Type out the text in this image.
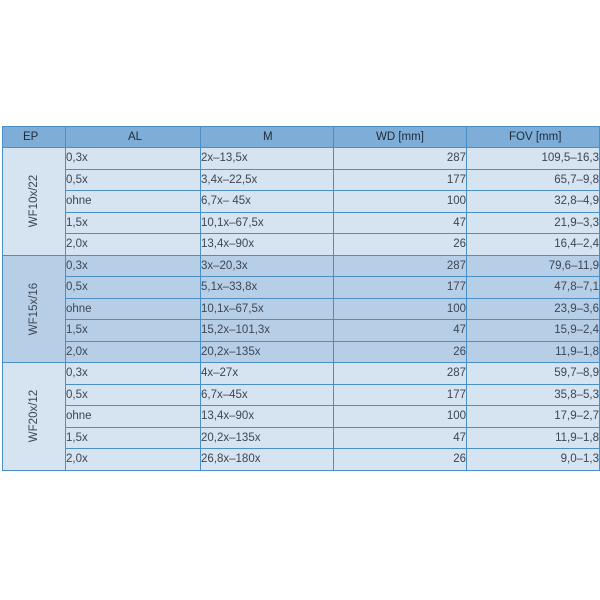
EP	AL	M	WD [mm]	FOV [mm]
WF10x/22	0,3x	2x–13,5x	287	109,5–16,3
	0,5x	3,4x–22,5x	177	65,7–9,8
	ohne	6,7x– 45x	100	32,8–4,9
	1,5x	10,1x–67,5x	47	21,9–3,3
	2,0x	13,4x–90x	26	16,4–2,4
WF15x/16	0,3x	3x–20,3x	287	79,6–11,9
	0,5x	5,1x–33,8x	177	47,8–7,1
	ohne	10,1x–67,5x	100	23,9–3,6
	1,5x	15,2x–101,3x	47	15,9–2,4
	2,0x	20,2x–135x	26	11,9–1,8
WF20x/12	0,3x	4x–27x	287	59,7–8,9
	0,5x	6,7x–45x	177	35,8–5,3
	ohne	13,4x–90x	100	17,9–2,7
	1,5x	20,2x–135x	47	11,9–1,8
	2,0x	26,8x–180x	26	9,0–1,3
